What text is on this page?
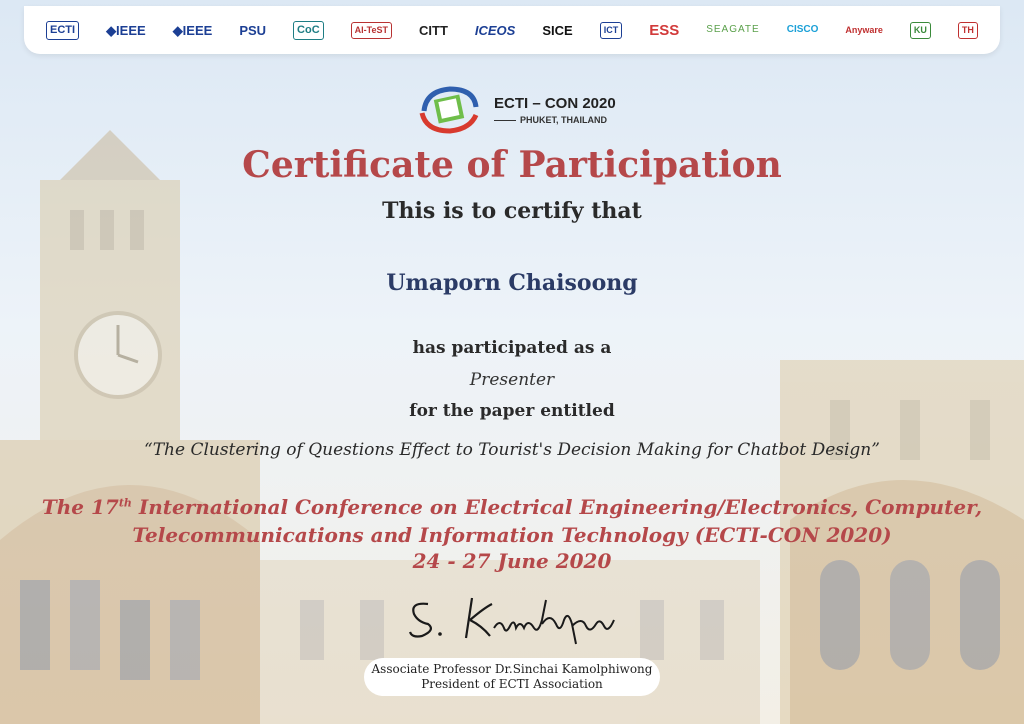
ECTI	◆IEEE ◆IEEE PSU	CoC	AI-TeST	CITT ICEOS SICE	ICT ESS	SEAGATE	CISCO	Anyware	KU	TH
ECTI – CON 2020
PHUKET, THAILAND
Certificate of Participation

This is to certify that

Umaporn Chaisoong

has participated as a

Presenter

for the paper entitled

“The Clustering of Questions Effect to Tourist's Decision Making for Chatbot Design”

The 17th International Conference on Electrical Engineering/Electronics, Computer,

Telecommunications and Information Technology (ECTI-CON 2020)

24 - 27 June 2020

Associate Professor Dr.Sinchai Kamolphiwong
President of ECTI Association
